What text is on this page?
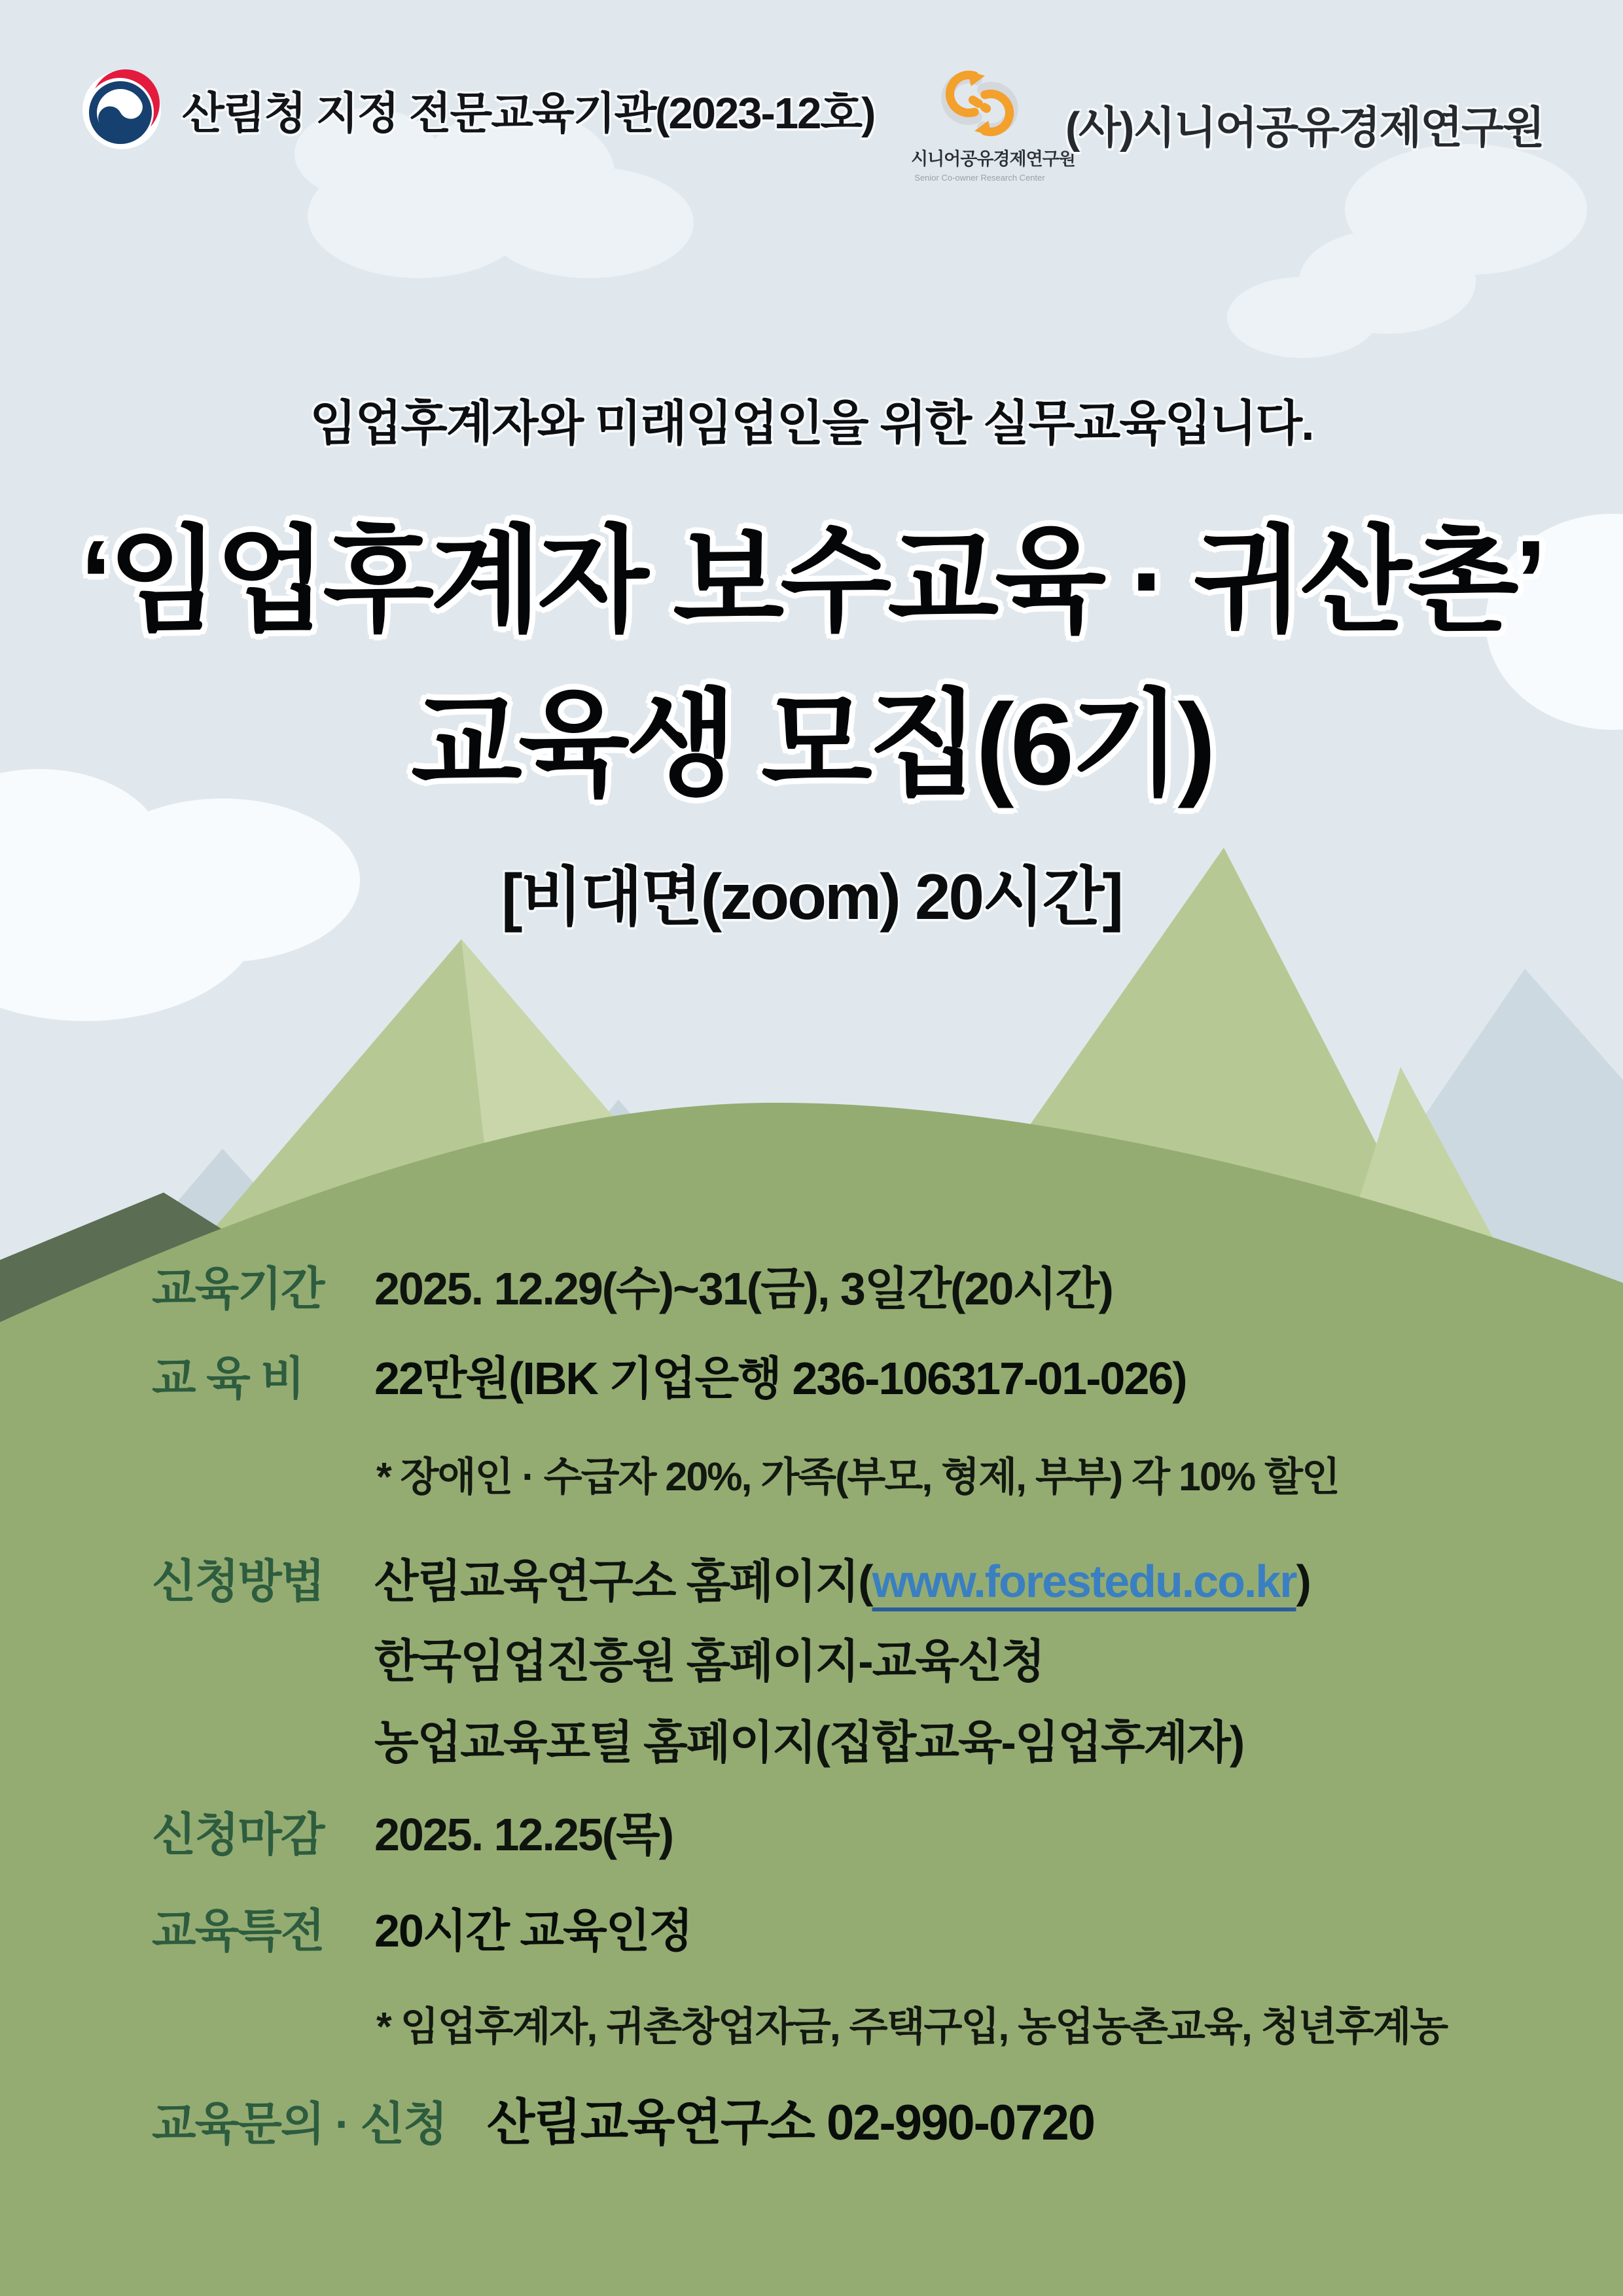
산림청 지정 전문교육기관(2023-12호)
시니어공유경제연구원
Senior Co-owner Research Center
(사)시니어공유경제연구원
임업후계자와 미래임업인을 위한 실무교육입니다.
‘임업후계자 보수교육 · 귀산촌’
교육생 모집(6기)
[비대면(zoom) 20시간]
교육기간	2025. 12.29(수)~31(금), 3일간(20시간)
교 육 비	22만원(IBK 기업은행 236-106317-01-026)
* 장애인 · 수급자 20%, 가족(부모, 형제, 부부) 각 10% 할인
신청방법	산림교육연구소 홈페이지(www.forestedu.co.kr)
한국임업진흥원 홈페이지-교육신청
농업교육포털 홈페이지(집합교육-임업후계자)
신청마감	2025. 12.25(목)
교육특전	20시간 교육인정
* 임업후계자, 귀촌창업자금, 주택구입, 농업농촌교육, 청년후계농
교육문의 · 신청 산림교육연구소 02-990-0720
